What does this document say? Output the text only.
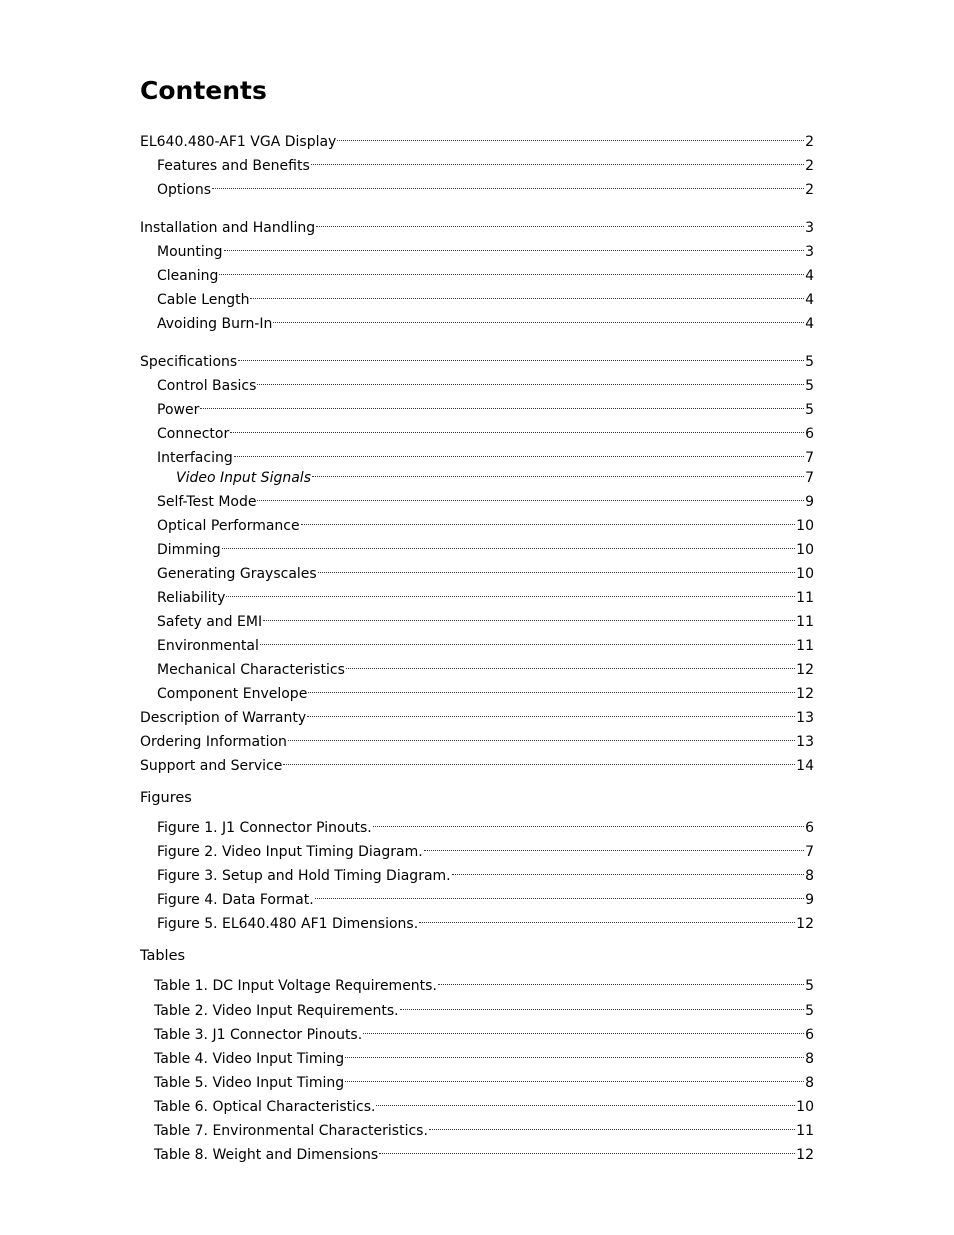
Contents
EL640.480-AF1 VGA Display	2
Features and Benefits	2
Options	2
Installation and Handling	3
Mounting	3
Cleaning	4
Cable Length	4
Avoiding Burn-In	4
Specifications	5
Control Basics	5
Power	5
Connector	6
Interfacing	7
Video Input Signals	7
Self-Test Mode	9
Optical Performance	10
Dimming	10
Generating Grayscales	10
Reliability	11
Safety and EMI	11
Environmental	11
Mechanical Characteristics	12
Component Envelope	12
Description of Warranty	13
Ordering Information	13
Support and Service	14
Figures
Figure 1. J1 Connector Pinouts.	6
Figure 2. Video Input Timing Diagram.	7
Figure 3. Setup and Hold Timing Diagram.	8
Figure 4. Data Format.	9
Figure 5. EL640.480 AF1 Dimensions.	12
Tables
Table 1. DC Input Voltage Requirements.	5
Table 2. Video Input Requirements.	5
Table 3. J1 Connector Pinouts.	6
Table 4. Video Input Timing	8
Table 5. Video Input Timing	8
Table 6. Optical Characteristics.	10
Table 7. Environmental Characteristics.	11
Table 8. Weight and Dimensions	12
